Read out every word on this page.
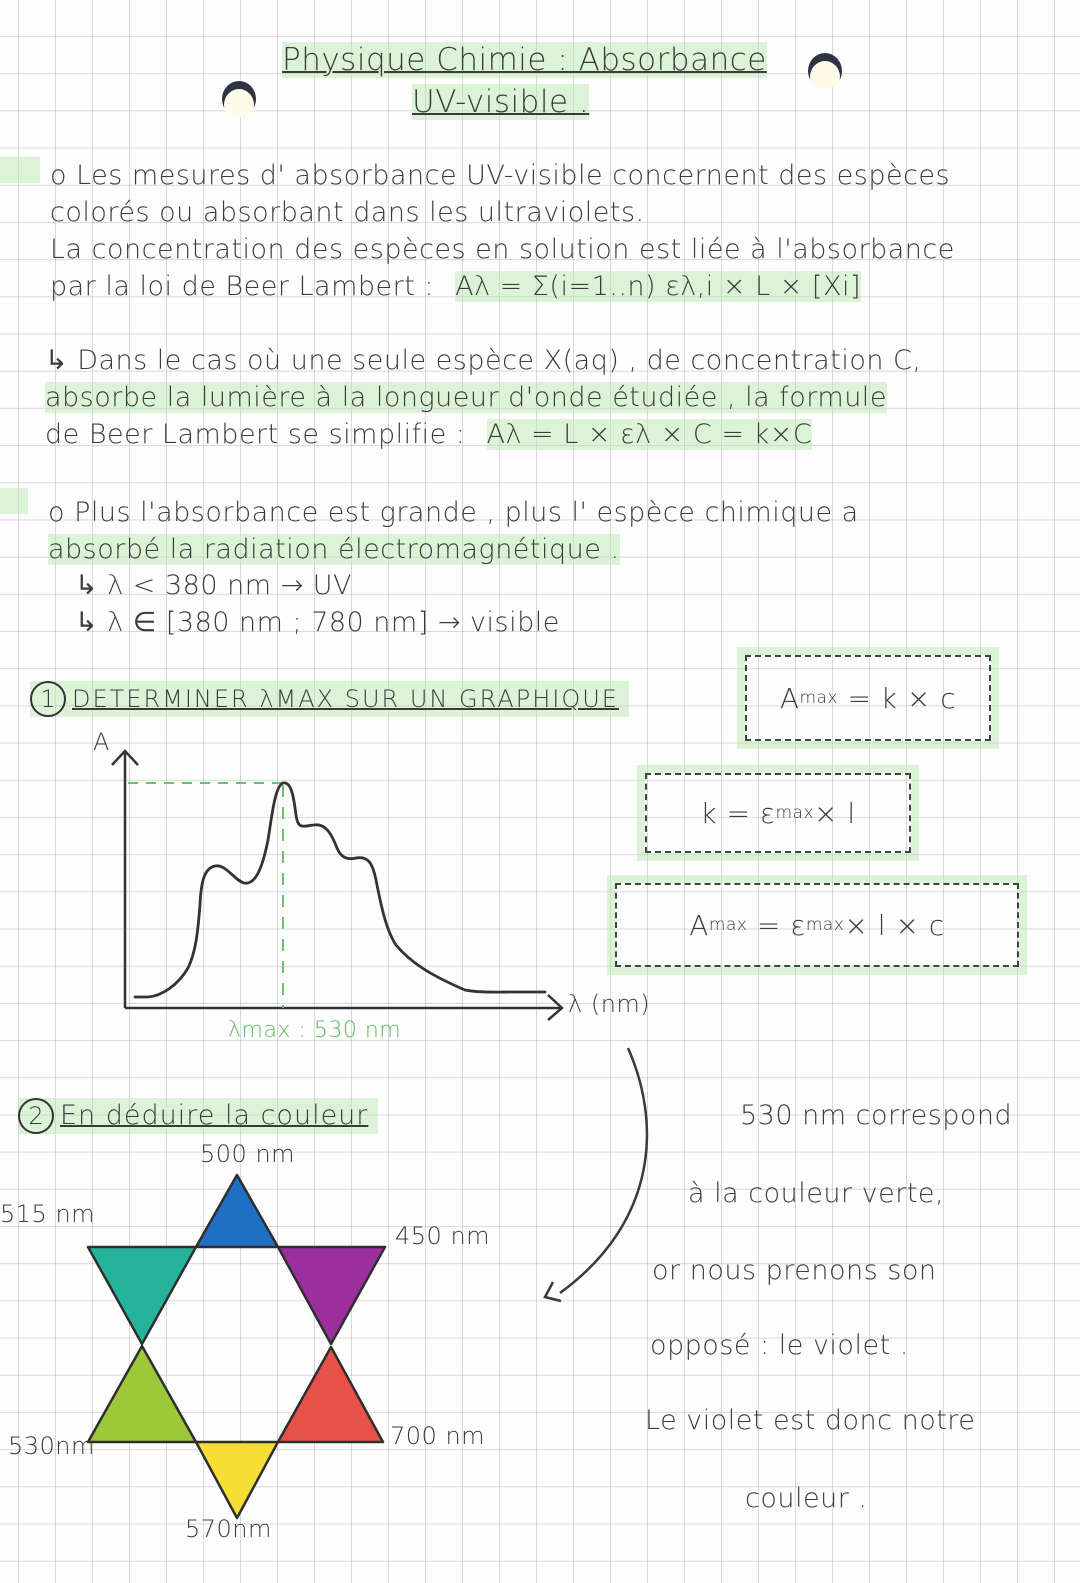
Physique Chimie : Absorbance
UV-visible .
o Les mesures d' absorbance UV-visible concernent des espèces
colorés ou absorbant dans les ultraviolets.
La concentration des espèces en solution est liée à l'absorbance
par la loi de Beer Lambert : Aλ = Σ(i=1..n) ελ,i × L × [Xi]
↳ Dans le cas où une seule espèce X(aq) , de concentration C,
absorbe la lumière à la longueur d'onde étudiée , la formule
de Beer Lambert se simplifie : Aλ = L × ελ × C = k×C
o Plus l'absorbance est grande , plus l' espèce chimique a
absorbé la radiation électromagnétique .
↳ λ < 380 nm → UV
↳ λ ∈ [380 nm ; 780 nm] → visible
1 DETERMINER λMAX SUR UN GRAPHIQUE	A max
= k × c
k
= ε max × l
A max
= ε max × l × c
A
λ (nm)
λmax : 530 nm
2 En déduire la couleur
500 nm
450 nm
700 nm
570nm
530nm
515 nm
530 nm correspond
à la couleur verte,
or nous prenons son
opposé : le violet .
Le violet est donc notre
couleur .
